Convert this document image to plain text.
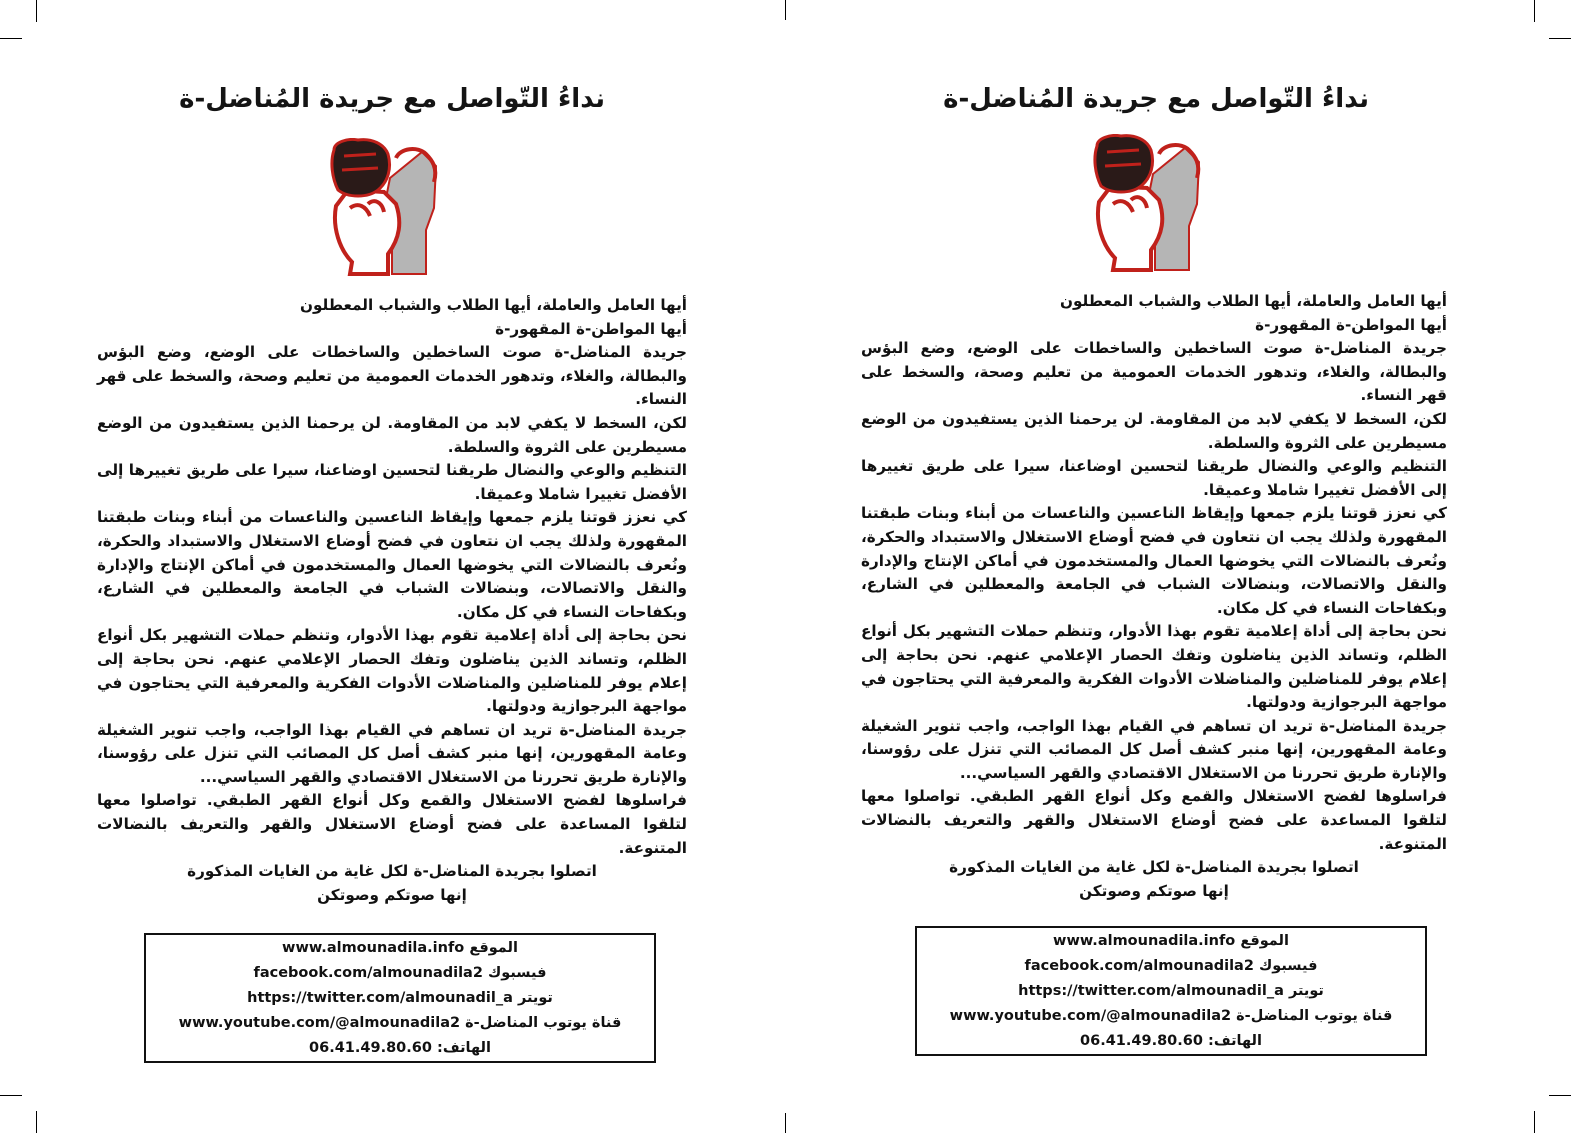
نداءُ التّواصل مع جريدة المُناضل-ة

أيها العامل والعاملة، أيها الطلاب والشباب المعطلون

أيها المواطن-ة المقهور-ة

جريدة المناضل-ة صوت الساخطين والساخطات على الوضع، وضع البؤس والبطالة، والغلاء، وتدهور الخدمات العمومية من تعليم وصحة، والسخط على قهر النساء.

لكن، السخط لا يكفي لابد من المقاومة. لن يرحمنا الذين يستفيدون من الوضع مسيطرين على الثروة والسلطة.

التنظيم والوعي والنضال طريقنا لتحسين اوضاعنا، سيرا على طريق تغييرها إلى الأفضل تغييرا شاملا وعميقا.

كي نعزز قوتنا يلزم جمعها وإيقاظ الناعسين والناعسات من أبناء وبنات طبقتنا المقهورة ولذلك يجب ان نتعاون في فضح أوضاع الاستغلال والاستبداد والحكرة، ونُعرف بالنضالات التي يخوضها العمال والمستخدمون في أماكن الإنتاج والإدارة والنقل والاتصالات، وبنضالات الشباب في الجامعة والمعطلين في الشارع، وبكفاحات النساء في كل مكان.

نحن بحاجة إلى أداة إعلامية تقوم بهذا الأدوار، وتنظم حملات التشهير بكل أنواع الظلم، وتساند الذين يناضلون وتفك الحصار الإعلامي عنهم. نحن بحاجة إلى إعلام يوفر للمناضلين والمناضلات الأدوات الفكرية والمعرفية التي يحتاجون في مواجهة البرجوازية ودولتها.

جريدة المناضل-ة تريد ان تساهم في القيام بهذا الواجب، واجب تنوير الشغيلة وعامة المقهورين، إنها منبر كشف أصل كل المصائب التي تنزل على رؤوسنا، والإنارة طريق تحررنا من الاستغلال الاقتصادي والقهر السياسي...

فراسلوها لفضح الاستغلال والقمع وكل أنواع القهر الطبقي. تواصلوا معها لتلقوا المساعدة على فضح أوضاع الاستغلال والقهر والتعريف بالنضالات المتنوعة.

اتصلوا بجريدة المناضل-ة لكل غاية من الغايات المذكورة

إنها صوتكم وصوتكن

www.almounadila.info الموقع
facebook.com/almounadila2 فيسبوك
https://twitter.com/almounadil_a تويتر
www.youtube.com/@almounadila2 قناة يوتوب المناضل-ة
06.41.49.80.60 الهاتف:
نداءُ التّواصل مع جريدة المُناضل-ة

أيها العامل والعاملة، أيها الطلاب والشباب المعطلون

أيها المواطن-ة المقهور-ة

جريدة المناضل-ة صوت الساخطين والساخطات على الوضع، وضع البؤس والبطالة، والغلاء، وتدهور الخدمات العمومية من تعليم وصحة، والسخط على قهر النساء.

لكن، السخط لا يكفي لابد من المقاومة. لن يرحمنا الذين يستفيدون من الوضع مسيطرين على الثروة والسلطة.

التنظيم والوعي والنضال طريقنا لتحسين اوضاعنا، سيرا على طريق تغييرها إلى الأفضل تغييرا شاملا وعميقا.

كي نعزز قوتنا يلزم جمعها وإيقاظ الناعسين والناعسات من أبناء وبنات طبقتنا المقهورة ولذلك يجب ان نتعاون في فضح أوضاع الاستغلال والاستبداد والحكرة، ونُعرف بالنضالات التي يخوضها العمال والمستخدمون في أماكن الإنتاج والإدارة والنقل والاتصالات، وبنضالات الشباب في الجامعة والمعطلين في الشارع، وبكفاحات النساء في كل مكان.

نحن بحاجة إلى أداة إعلامية تقوم بهذا الأدوار، وتنظم حملات التشهير بكل أنواع الظلم، وتساند الذين يناضلون وتفك الحصار الإعلامي عنهم. نحن بحاجة إلى إعلام يوفر للمناضلين والمناضلات الأدوات الفكرية والمعرفية التي يحتاجون في مواجهة البرجوازية ودولتها.

جريدة المناضل-ة تريد ان تساهم في القيام بهذا الواجب، واجب تنوير الشغيلة وعامة المقهورين، إنها منبر كشف أصل كل المصائب التي تنزل على رؤوسنا، والإنارة طريق تحررنا من الاستغلال الاقتصادي والقهر السياسي...

فراسلوها لفضح الاستغلال والقمع وكل أنواع القهر الطبقي. تواصلوا معها لتلقوا المساعدة على فضح أوضاع الاستغلال والقهر والتعريف بالنضالات المتنوعة.

اتصلوا بجريدة المناضل-ة لكل غاية من الغايات المذكورة

إنها صوتكم وصوتكن

www.almounadila.info الموقع
facebook.com/almounadila2 فيسبوك
https://twitter.com/almounadil_a تويتر
www.youtube.com/@almounadila2 قناة يوتوب المناضل-ة
06.41.49.80.60 الهاتف:
